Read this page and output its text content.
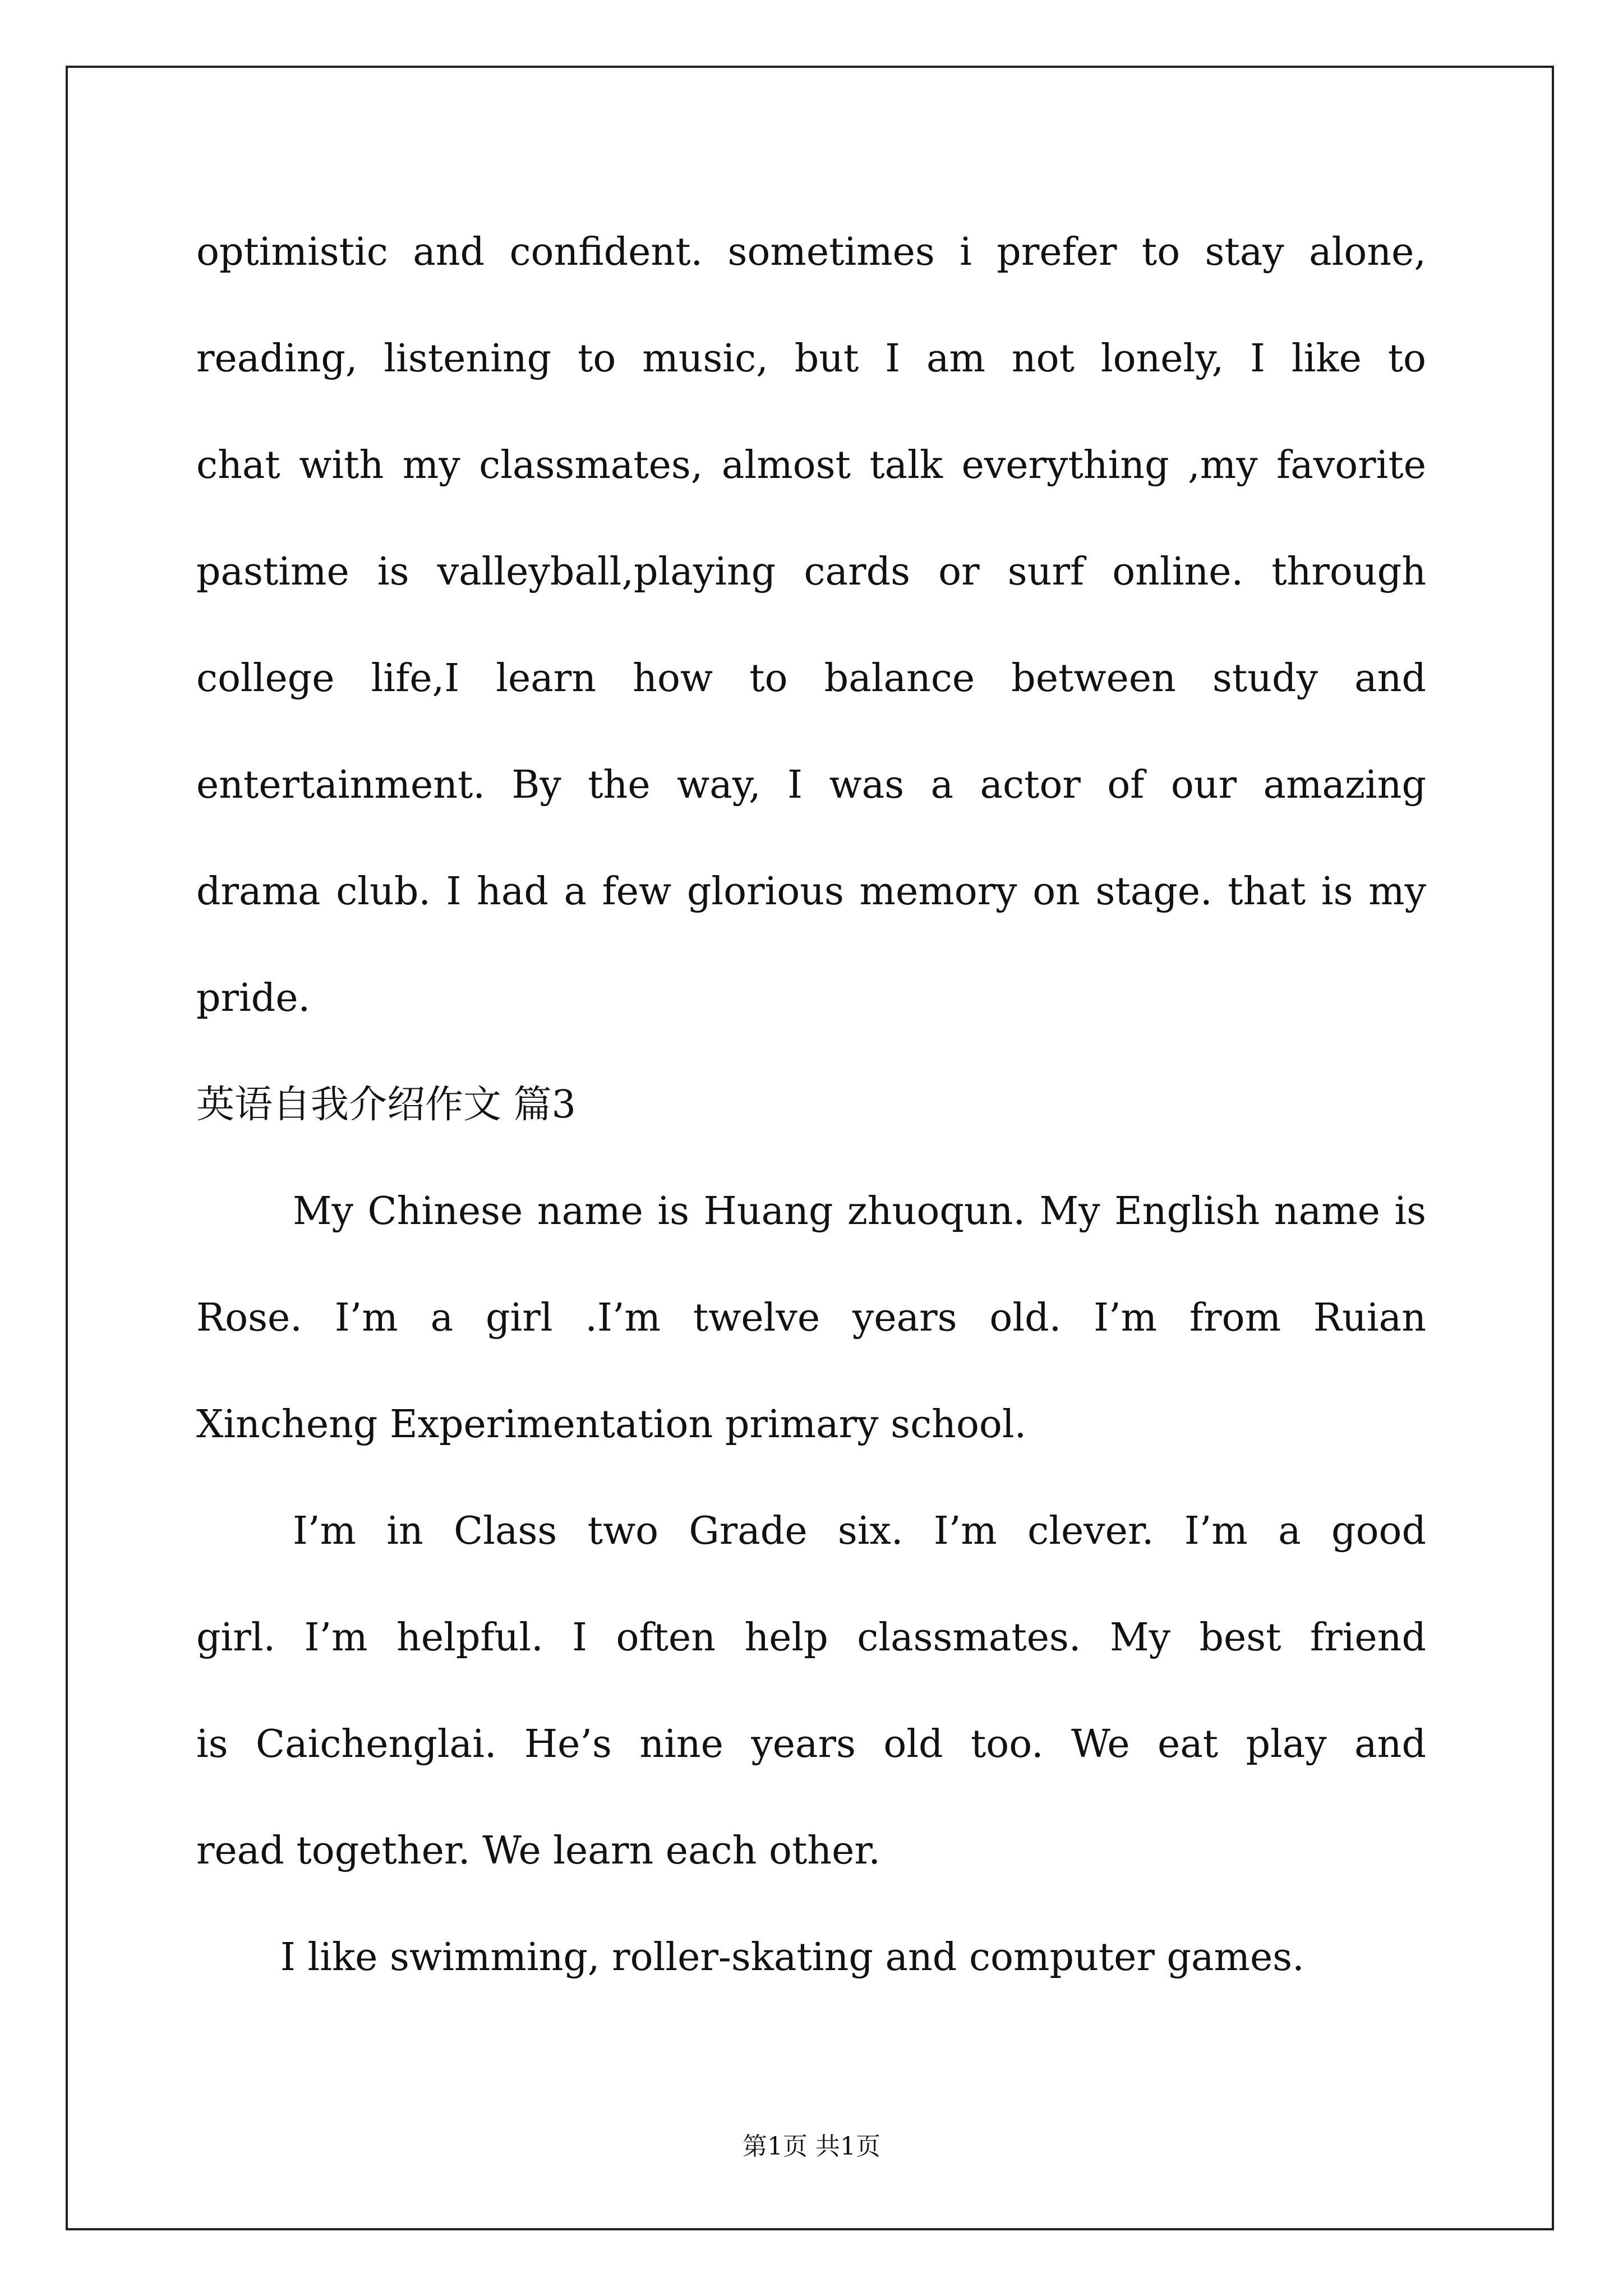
optimistic and confident. sometimes i prefer to stay alone,
reading, listening to music, but I am not lonely, I like to
chat with my classmates, almost talk everything ,my favorite
pastime is valleyball,playing cards or surf online. through
college life,I learn how to balance between study and
entertainment. By the way, I was a actor of our amazing
drama club. I had a few glorious memory on stage. that is my
pride.
英语自我介绍作文 篇3
My Chinese name is Huang zhuoqun. My English name is
Rose. I’m a girl .I’m twelve years old. I’m from Ruian
Xincheng Experimentation primary school.
I’m in Class two Grade six. I’m clever. I’m a good
girl. I’m helpful. I often help classmates. My best friend
is Caichenglai. He’s nine years old too. We eat play and
read together. We learn each other.
I like swimming, roller-skating and computer games.
第1页 共1页
